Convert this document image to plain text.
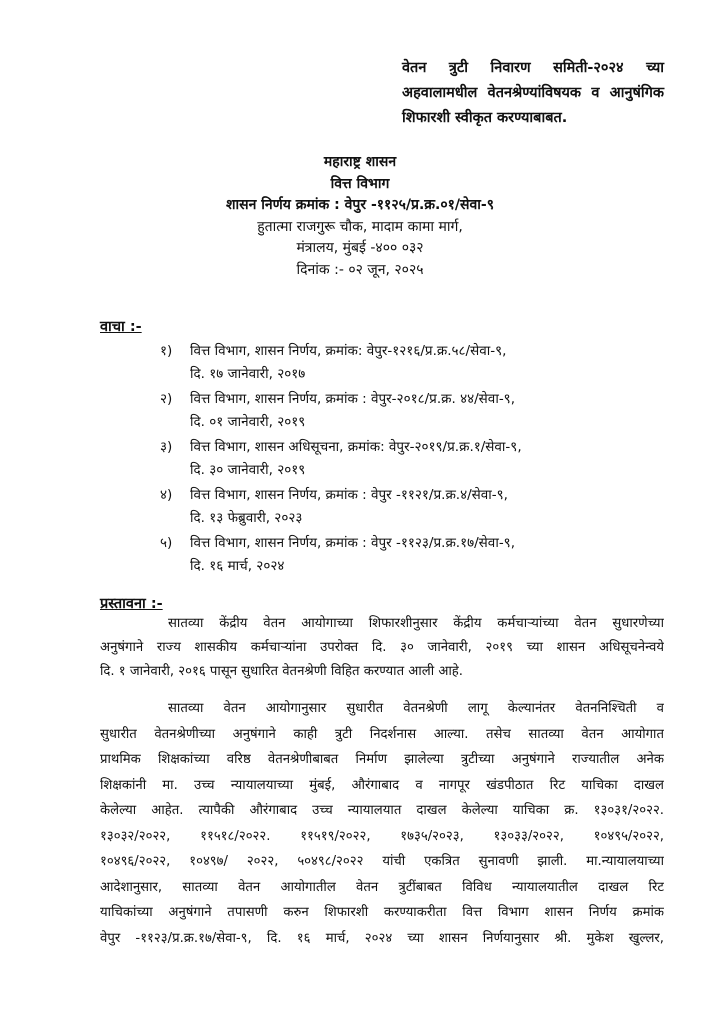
वेतन त्रुटी निवारण समिती-२०२४ च्या अहवालामधील वेतनश्रेण्यांविषयक व आनुषंगिक शिफारशी स्वीकृत करण्याबाबत.
महाराष्ट्र शासन
वित्त विभाग
शासन निर्णय क्रमांक : वेपुर -११२५/प्र.क्र.०१/सेवा-९
हुतात्मा राजगुरू चौक, मादाम कामा मार्ग,
मंत्रालय, मुंबई -४०० ०३२
दिनांक :- ०२ जून, २०२५
वाचा :-
१) वित्त विभाग, शासन निर्णय, क्रमांक: वेपुर-१२१६/प्र.क्र.५८/सेवा-९,
दि. १७ जानेवारी, २०१७
२) वित्त विभाग, शासन निर्णय, क्रमांक : वेपुर-२०१८/प्र.क्र. ४४/सेवा-९,
दि. ०१ जानेवारी, २०१९
३) वित्त विभाग, शासन अधिसूचना, क्रमांक: वेपुर-२०१९/प्र.क्र.१/सेवा-९,
दि. ३० जानेवारी, २०१९
४) वित्त विभाग, शासन निर्णय, क्रमांक : वेपुर -११२१/प्र.क्र.४/सेवा-९,
दि. १३ फेब्रुवारी, २०२३
५) वित्त विभाग, शासन निर्णय, क्रमांक : वेपुर -११२३/प्र.क्र.१७/सेवा-९,
दि. १६ मार्च, २०२४
प्रस्तावना :-
सातव्या केंद्रीय वेतन आयोगाच्या शिफारशीनुसार केंद्रीय कर्मचाऱ्यांच्या वेतन सुधारणेच्या
अनुषंगाने राज्य शासकीय कर्मचाऱ्यांना उपरोक्त दि. ३० जानेवारी, २०१९ च्या शासन अधिसूचनेन्वये
दि. १ जानेवारी, २०१६ पासून सुधारित वेतनश्रेणी विहित करण्यात आली आहे.
सातव्या वेतन आयोगानुसार सुधारीत वेतनश्रेणी लागू केल्यानंतर वेतननिश्चिती व
सुधारीत वेतनश्रेणीच्या अनुषंगाने काही त्रुटी निदर्शनास आल्या. तसेच सातव्या वेतन आयोगात
प्राथमिक शिक्षकांच्या वरिष्ठ वेतनश्रेणीबाबत निर्माण झालेल्या त्रुटीच्या अनुषंगाने राज्यातील अनेक
शिक्षकांनी मा. उच्च न्यायालयाच्या मुंबई, औरंगाबाद व नागपूर खंडपीठात रिट याचिका दाखल
केलेल्या आहेत. त्यापैकी औरंगाबाद उच्च न्यायालयात दाखल केलेल्या याचिका क्र. १३०३१/२०२२.
१३०३२/२०२२, ११५१८/२०२२. ११५१९/२०२२, १७३५/२०२३, १३०३३/२०२२, १०४९५/२०२२,
१०४९६/२०२२, १०४९७/ २०२२, ५०४९८/२०२२ यांची एकत्रित सुनावणी झाली. मा.न्यायालयाच्या
आदेशानुसार, सातव्या वेतन आयोगातील वेतन त्रुटींबाबत विविध न्यायालयातील दाखल रिट
याचिकांच्या अनुषंगाने तपासणी करुन शिफारशी करण्याकरीता वित्त विभाग शासन निर्णय क्रमांक
वेपुर -११२३/प्र.क्र.१७/सेवा-९, दि. १६ मार्च, २०२४ च्या शासन निर्णयानुसार श्री. मुकेश खुल्लर,
